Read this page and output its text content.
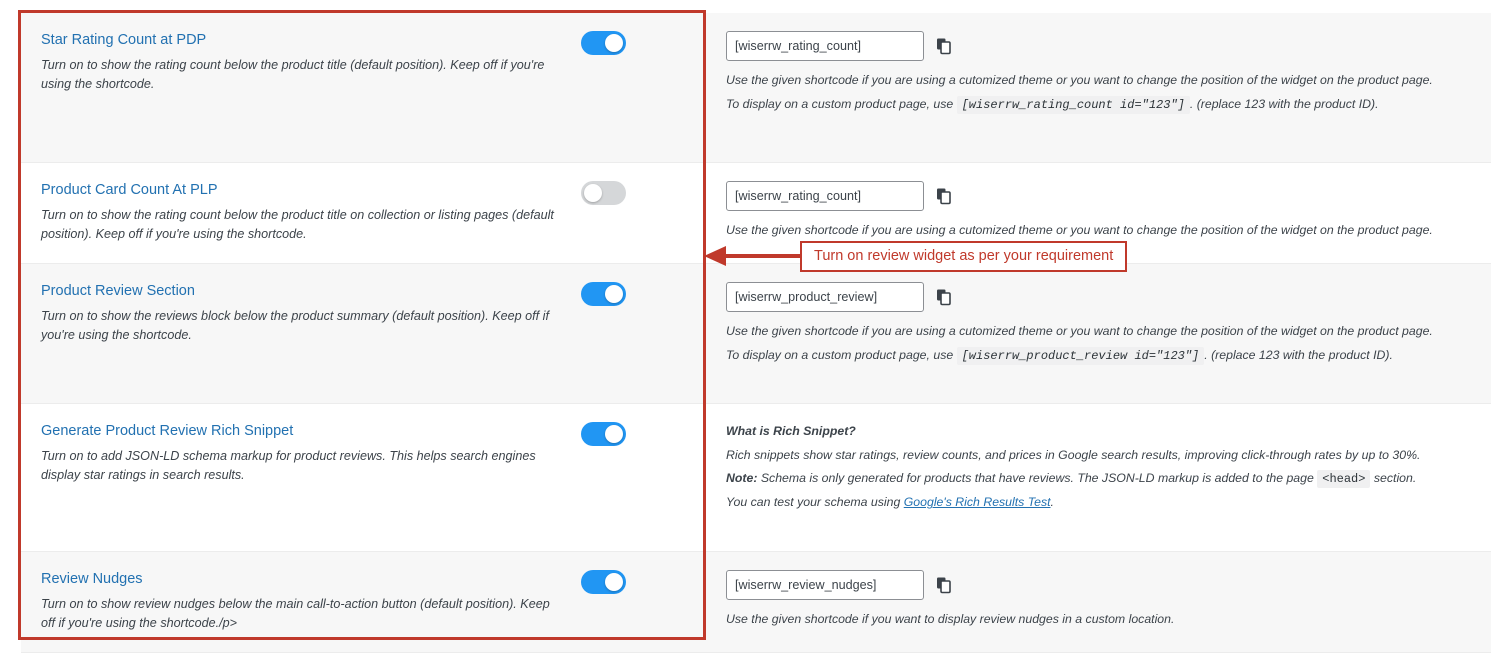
Star Rating Count at PDP
Turn on to show the rating count below the product title (default position). Keep off if you're using the shortcode.
[wiserrw_rating_count]	Use the given shortcode if you are using a cutomized theme or you want to change the position of the widget on the product page.

To display on a custom product page, use [wiserrw_rating_count id="123"] . (replace 123 with the product ID).

Product Card Count At PLP
Turn on to show the rating count below the product title on collection or listing pages (default position). Keep off if you're using the shortcode.
[wiserrw_rating_count]	Use the given shortcode if you are using a cutomized theme or you want to change the position of the widget on the product page.

Product Review Section
Turn on to show the reviews block below the product summary (default position). Keep off if you're using the shortcode.
[wiserrw_product_review]	Use the given shortcode if you are using a cutomized theme or you want to change the position of the widget on the product page.

To display on a custom product page, use [wiserrw_product_review id="123"] . (replace 123 with the product ID).

Generate Product Review Rich Snippet
Turn on to add JSON-LD schema markup for product reviews. This helps search engines display star ratings in search results.

What is Rich Snippet?

Rich snippets show star ratings, review counts, and prices in Google search results, improving click-through rates by up to 30%.

Note: Schema is only generated for products that have reviews. The JSON-LD markup is added to the page <head> section.

You can test your schema using Google's Rich Results Test.

Review Nudges
Turn on to show review nudges below the main call-to-action button (default position). Keep off if you're using the shortcode./p>
[wiserrw_review_nudges]	Use the given shortcode if you want to display review nudges in a custom location.

Turn on review widget as per your requirement
